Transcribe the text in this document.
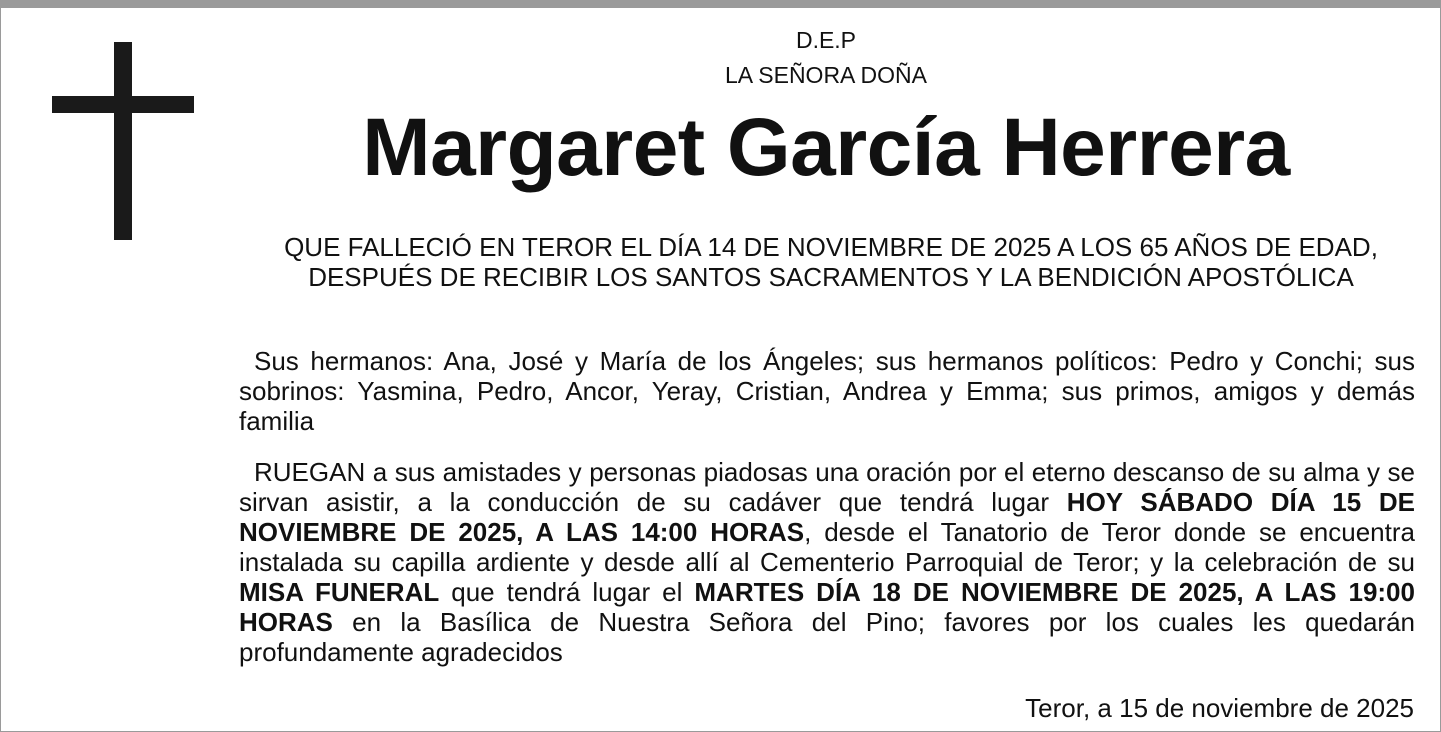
D.E.P
LA SEÑORA DOÑA
Margaret García Herrera
QUE FALLECIÓ EN TEROR EL DÍA 14 DE NOVIEMBRE DE 2025 A LOS 65 AÑOS DE EDAD, DESPUÉS DE RECIBIR LOS SANTOS SACRAMENTOS Y LA BENDICIÓN APOSTÓLICA
Sus hermanos: Ana, José y María de los Ángeles; sus hermanos políticos: Pedro y Conchi; sus sobrinos: Yasmina, Pedro, Ancor, Yeray, Cristian, Andrea y Emma; sus primos, amigos y demás familia
RUEGAN a sus amistades y personas piadosas una oración por el eterno descanso de su alma y se sirvan asistir, a la conducción de su cadáver que tendrá lugar HOY SÁBADO DÍA 15 DE NOVIEMBRE DE 2025, A LAS 14:00 HORAS, desde el Tanatorio de Teror donde se encuentra instalada su capilla ardiente y desde allí al Cementerio Parroquial de Teror; y la celebración de su MISA FUNERAL que tendrá lugar el MARTES DÍA 18 DE NOVIEMBRE DE 2025, A LAS 19:00 HORAS en la Basílica de Nuestra Señora del Pino; favores por los cuales les quedarán profundamente agradecidos
Teror, a 15 de noviembre de 2025
